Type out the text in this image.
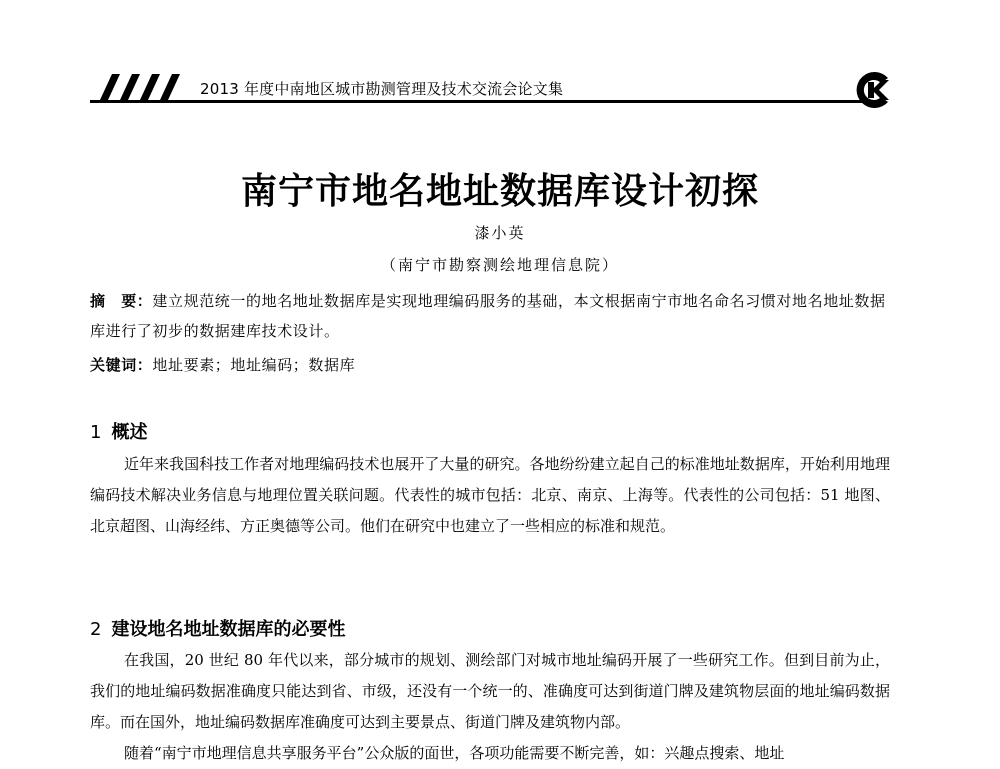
2013 年度中南地区城市勘测管理及技术交流会论文集
南宁市地名地址数据库设计初探
漆小英
（南宁市勘察测绘地理信息院）
摘　要：建立规范统一的地名地址数据库是实现地理编码服务的基础，本文根据南宁市地名命名习惯对地名地址数据库进行了初步的数据建库技术设计。
关键词：地址要素；地址编码；数据库
1 概述
近年来我国科技工作者对地理编码技术也展开了大量的研究。各地纷纷建立起自己的标准地址数据库，开始利用地理编码技术解决业务信息与地理位置关联问题。代表性的城市包括：北京、南京、上海等。代表性的公司包括：51 地图、北京超图、山海经纬、方正奥德等公司。他们在研究中也建立了一些相应的标准和规范。
2 建设地名地址数据库的必要性
在我国，20 世纪 80 年代以来，部分城市的规划、测绘部门对城市地址编码开展了一些研究工作。但到目前为止，我们的地址编码数据准确度只能达到省、市级，还没有一个统一的、准确度可达到街道门牌及建筑物层面的地址编码数据库。而在国外，地址编码数据库准确度可达到主要景点、街道门牌及建筑物内部。
随着“南宁市地理信息共享服务平台”公众版的面世，各项功能需要不断完善，如：兴趣点搜索、地址
